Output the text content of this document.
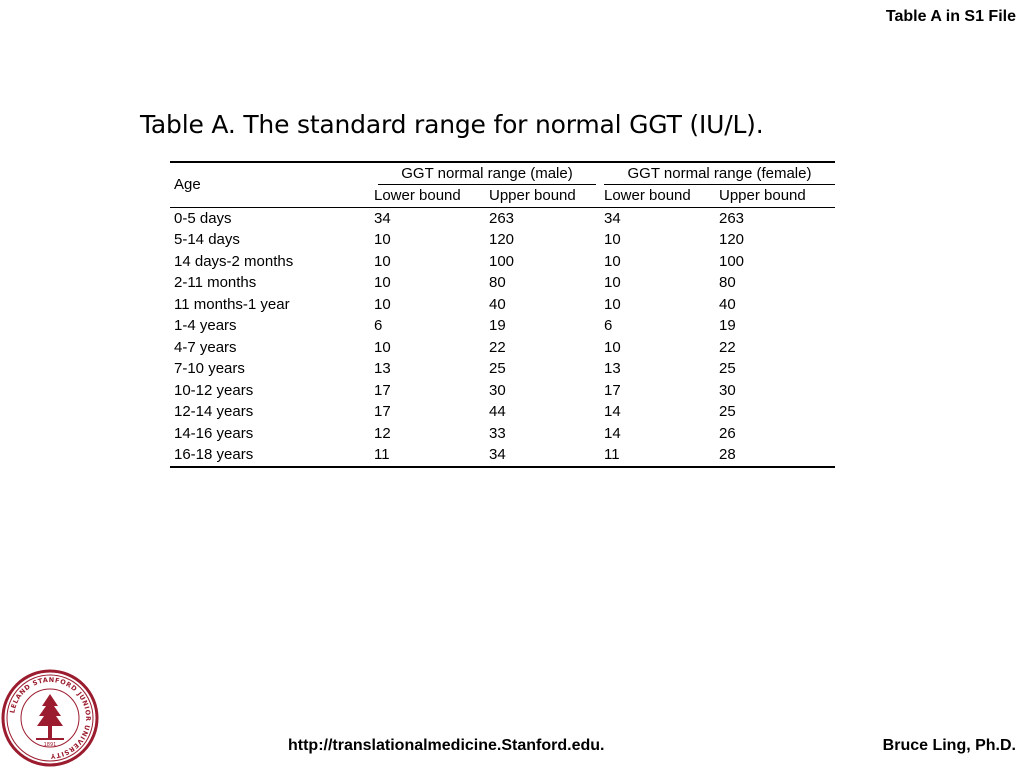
Table A in S1 File
Table A. The standard range for normal GGT (IU/L).
Age	GGT normal range (male)		GGT normal range (female)	

	Lower bound	Upper bound	Lower bound	Upper bound
0-5 days	34	263	34	263
5-14 days	10	120	10	120
14 days-2 months	10	100	10	100
2-11 months	10	80	10	80
11 months-1 year	10	40	10	40
1-4 years	6	19	6	19
4-7 years	10	22	10	22
7-10 years	13	25	13	25
10-12 years	17	30	17	30
12-14 years	17	44	14	25
14-16 years	12	33	14	26
16-18 years	11	34	11	28
LELAND STANFORD JUNIOR UNIVERSITY
1891	http://translationalmedicine.Stanford.edu.	Bruce Ling, Ph.D.
